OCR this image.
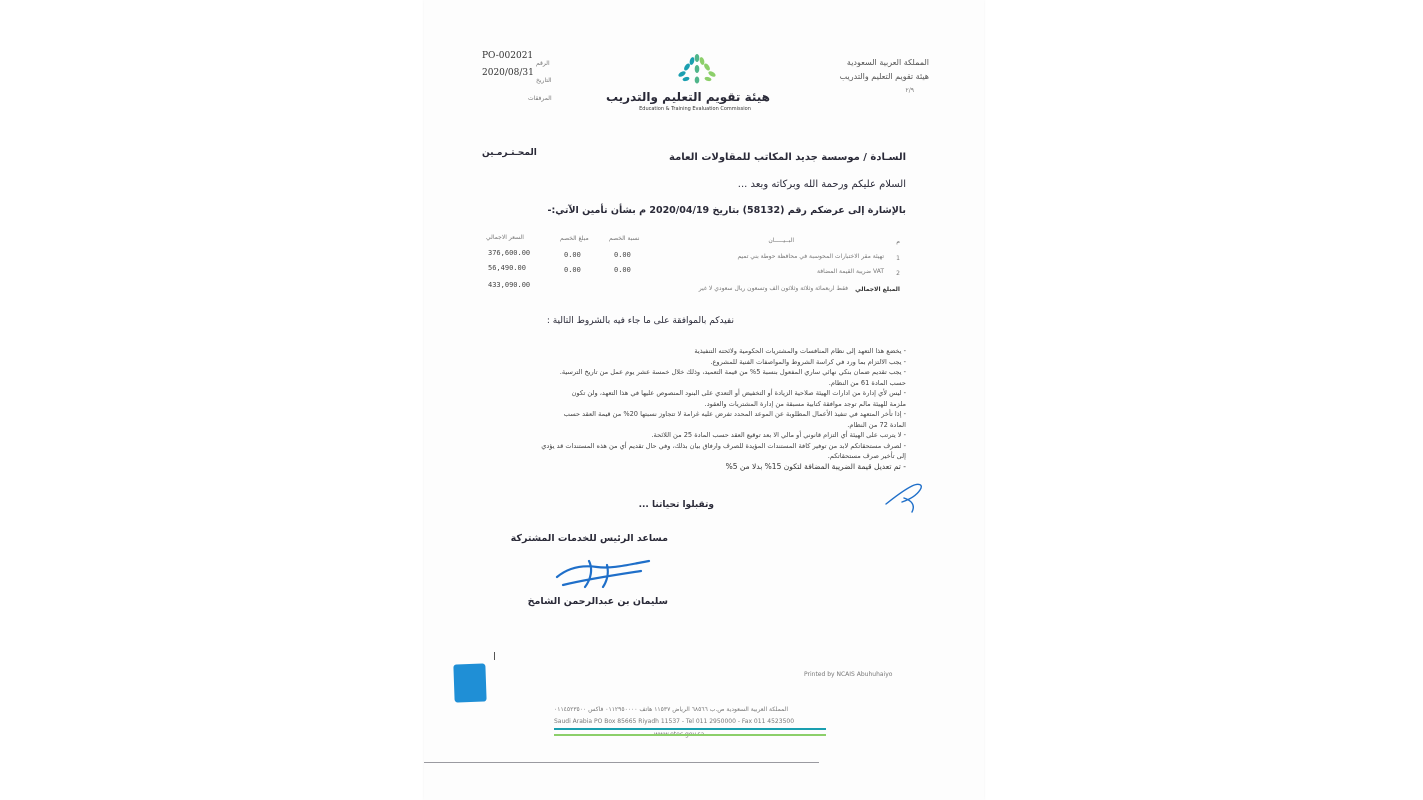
المملكة العربية السعودية
هيئة تقويم التعليم والتدريب
٢/٩
هيئة تقويم التعليم والتدريب
Education & Training Evaluation Commission
PO-002021
الرقم
2020/08/31
التاريخ
المرفقات
السـادة / موسسة جديد المكاتب للمقاولات العامة
المحـتـرمـين
السلام عليكم ورحمة الله وبركاته وبعد ...
بالإشارة إلى عرضكم رقم (58132) بتاريخ 2020/04/19 م بشأن تأمين الآتي:-
م
البــيـــــان
نسبة الخصم
مبلغ الخصم
السعر الاجمالي
1
تهيئة مقر الاختبارات المحوسبة في محافظة حوطة بني تميم
0.00
0.00
376,600.00
2
VAT ضريبة القيمة المضافة
0.00
0.00
56,490.00
المبلغ الاجمالي
فقط اربعمائة وثلاثة وثلاثون الف وتسعون ريال سعودي لا غير
433,090.00
نفيدكم بالموافقة على ما جاء فيه بالشروط التالية :
- يخضع هذا التعهد إلى نظام المنافسات والمشتريات الحكومية ولائحته التنفيذية
- يجب الالتزام بما ورد في كراسة الشروط والمواصفات الفنية للمشروع.
- يجب تقديم ضمان بنكي نهائي ساري المفعول بنسبة 5% من قيمة التعميد، وذلك خلال خمسة عشر يوم عمل من تاريخ الترسية.
حسب المادة 61 من النظام.
- ليس لأي إدارة من ادارات الهيئة صلاحية الزيادة أو التخفيض أو التعدي على البنود المنصوص عليها في هذا التعهد، ولن تكون
ملزمة للهيئة مالم توجد موافقة كتابية مسبقة من إدارة المشتريات والعقود.
- إذا تأخر المتعهد في تنفيذ الأعمال المطلوبة عن الموعد المحدد تفرض عليه غرامة لا تتجاوز نسبتها 20% من قيمة العقد حسب
المادة 72 من النظام.
- لا يترتب على الهيئة أي التزام قانوني أو مالي الا بعد توقيع العقد حسب المادة 25 من اللائحة.
- لصرف مستحقاتكم لابد من توفير كافة المستندات المؤيدة للصرف وارفاق بيان بذلك، وفي حال تقديم أي من هذه المستندات قد يؤدي
إلى تأخير صرف مستحقاتكم.
- تم تعديل قيمة الضريبة المضافة لتكون 15% بدلا من 5%
وتقبلوا تحياتنا ...
مساعد الرئيس للخدمات المشتركة
سليمان بن عبدالرحمن الشامخ
Printed by NCAIS Abuhuhaiyo
المملكة العربية السعودية ص.ب ٦٨٥٦٦ الرياض ١١٥٣٧ هاتف ٠١١٢٩٥٠٠٠٠ فاكس ٠١١٤٥٢٣٥٠٠
Saudi Arabia PO Box 85665 Riyadh 11537 - Tel 011 2950000 - Fax 011 4523500
